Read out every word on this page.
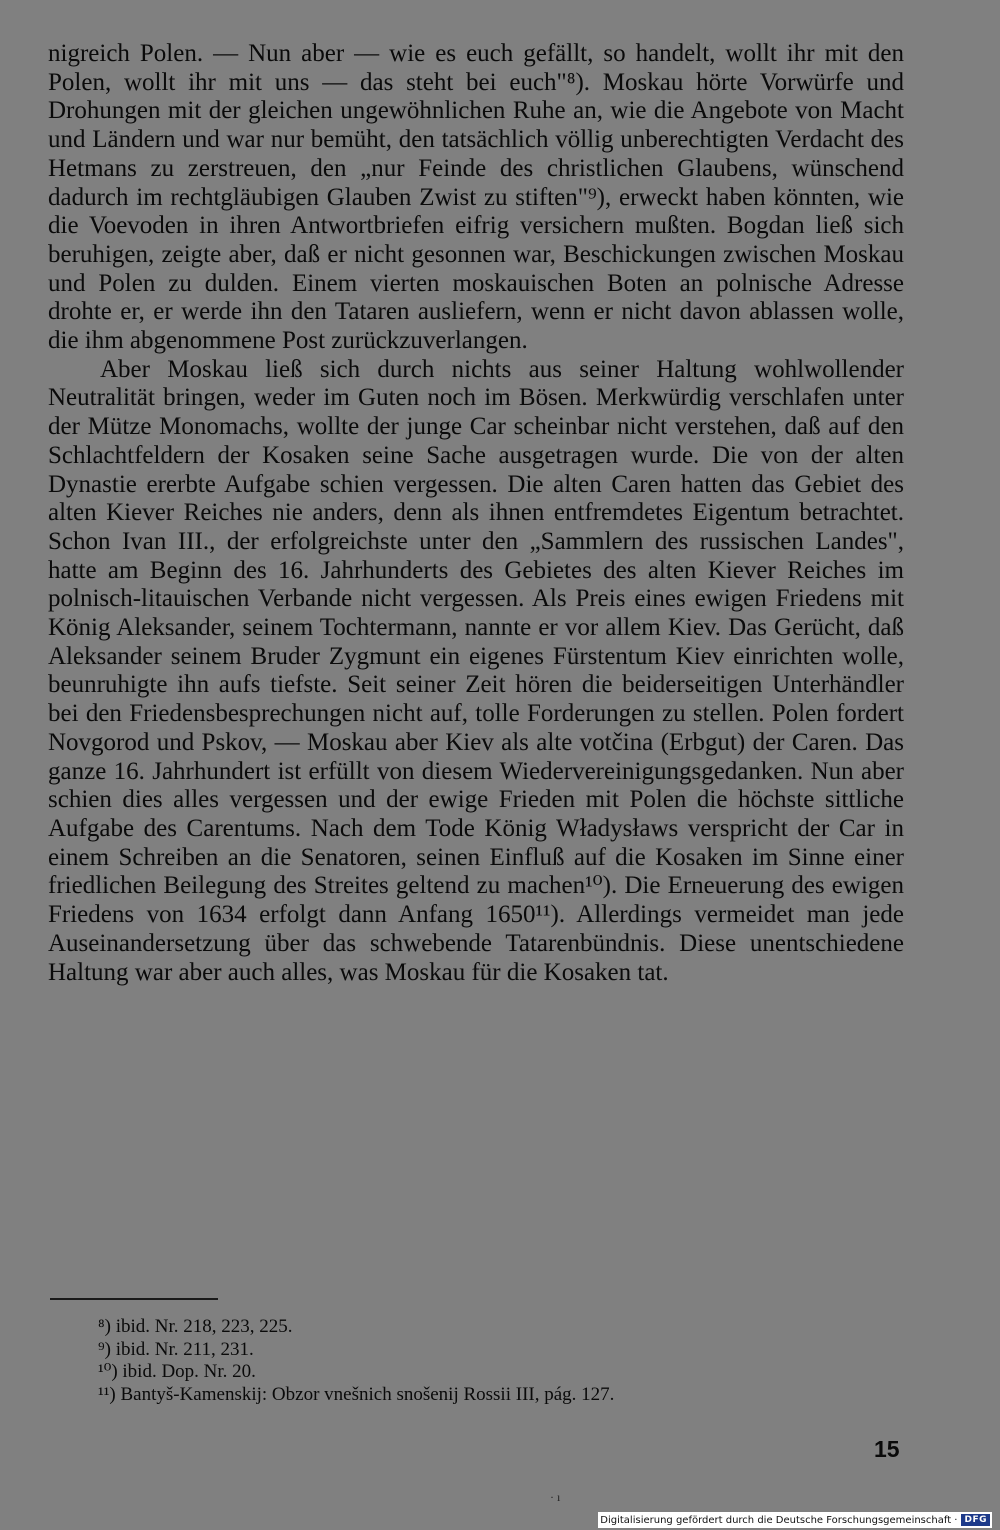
nigreich Polen. — Nun aber — wie es euch gefällt, so handelt, wollt ihr mit den Polen, wollt ihr mit uns — das steht bei euch"⁸). Moskau hörte Vorwürfe und Drohungen mit der gleichen ungewöhnlichen Ruhe an, wie die Angebote von Macht und Ländern und war nur bemüht, den tatsächlich völlig unberechtigten Verdacht des Hetmans zu zerstreuen, den „nur Feinde des christlichen Glaubens, wünschend dadurch im rechtgläubigen Glauben Zwist zu stiften"⁹), erweckt haben könnten, wie die Voevoden in ihren Antwortbriefen eifrig versichern mußten. Bogdan ließ sich beruhigen, zeigte aber, daß er nicht gesonnen war, Beschickungen zwischen Moskau und Polen zu dulden. Einem vierten moskauischen Boten an polnische Adresse drohte er, er werde ihn den Tataren ausliefern, wenn er nicht davon ablassen wolle, die ihm abgenommene Post zurückzuverlangen.

Aber Moskau ließ sich durch nichts aus seiner Haltung wohlwollender Neutralität bringen, weder im Guten noch im Bösen. Merkwürdig verschlafen unter der Mütze Monomachs, wollte der junge Car scheinbar nicht verstehen, daß auf den Schlachtfeldern der Kosaken seine Sache ausgetragen wurde. Die von der alten Dynastie ererbte Aufgabe schien vergessen. Die alten Caren hatten das Gebiet des alten Kiever Reiches nie anders, denn als ihnen entfremdetes Eigentum betrachtet. Schon Ivan III., der erfolgreichste unter den „Sammlern des russischen Landes", hatte am Beginn des 16. Jahrhunderts des Gebietes des alten Kiever Reiches im polnisch-litauischen Verbande nicht vergessen. Als Preis eines ewigen Friedens mit König Aleksander, seinem Tochtermann, nannte er vor allem Kiev. Das Gerücht, daß Aleksander seinem Bruder Zygmunt ein eigenes Fürstentum Kiev einrichten wolle, beunruhigte ihn aufs tiefste. Seit seiner Zeit hören die beiderseitigen Unterhändler bei den Friedensbesprechungen nicht auf, tolle Forderungen zu stellen. Polen fordert Novgorod und Pskov, — Moskau aber Kiev als alte votčina (Erbgut) der Caren. Das ganze 16. Jahrhundert ist erfüllt von diesem Wiedervereinigungsgedanken. Nun aber schien dies alles vergessen und der ewige Frieden mit Polen die höchste sittliche Aufgabe des Carentums. Nach dem Tode König Władysławs verspricht der Car in einem Schreiben an die Senatoren, seinen Einfluß auf die Kosaken im Sinne einer friedlichen Beilegung des Streites geltend zu machen¹⁰). Die Erneuerung des ewigen Friedens von 1634 erfolgt dann Anfang 1650¹¹). Allerdings vermeidet man jede Auseinandersetzung über das schwebende Tatarenbündnis. Diese unentschiedene Haltung war aber auch alles, was Moskau für die Kosaken tat.

⁸) ibid. Nr. 218, 223, 225.
⁹) ibid. Nr. 211, 231.
¹⁰) ibid. Dop. Nr. 20.
¹¹) Bantyš-Kamenskij: Obzor vnešnich snošenij Rossii III, pág. 127.
15
· ı
Digitalisierung gefördert durch die Deutsche Forschungsgemeinschaft · DFG
